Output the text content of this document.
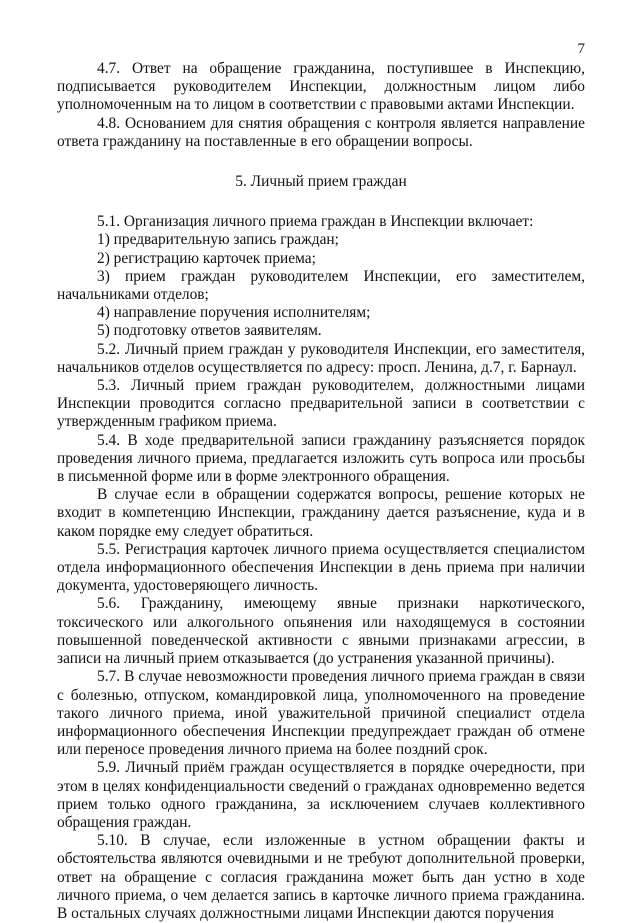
7

4.7. Ответ на обращение гражданина, поступившее в Инспекцию, подписывается руководителем Инспекции, должностным лицом либо уполномоченным на то лицом в соответствии с правовыми актами Инспекции.

4.8. Основанием для снятия обращения с контроля является направление ответа гражданину на поставленные в его обращении вопросы.

5. Личный прием граждан

5.1. Организация личного приема граждан в Инспекции включает:

1) предварительную запись граждан;

2) регистрацию карточек приема;

3) прием граждан руководителем Инспекции, его заместителем, начальниками отделов;

4) направление поручения исполнителям;

5) подготовку ответов заявителям.

5.2. Личный прием граждан у руководителя Инспекции, его заместителя, начальников отделов осуществляется по адресу: просп. Ленина, д.7, г. Барнаул.

5.3. Личный прием граждан руководителем, должностными лицами Инспекции проводится согласно предварительной записи в соответствии с утвержденным графиком приема.

5.4. В ходе предварительной записи гражданину разъясняется порядок проведения личного приема, предлагается изложить суть вопроса или просьбы в письменной форме или в форме электронного обращения.

В случае если в обращении содержатся вопросы, решение которых не входит в компетенцию Инспекции, гражданину дается разъяснение, куда и в каком порядке ему следует обратиться.

5.5. Регистрация карточек личного приема осуществляется специалистом отдела информационного обеспечения Инспекции в день приема при наличии документа, удостоверяющего личность.

5.6. Гражданину, имеющему явные признаки наркотического, токсического или алкогольного опьянения или находящемуся в состоянии повышенной поведенческой активности с явными признаками агрессии, в записи на личный прием отказывается (до устранения указанной причины).

5.7. В случае невозможности проведения личного приема граждан в связи с болезнью, отпуском, командировкой лица, уполномоченного на проведение такого личного приема, иной уважительной причиной специалист отдела информационного обеспечения Инспекции предупреждает граждан об отмене или переносе проведения личного приема на более поздний срок.

5.9. Личный приём граждан осуществляется в порядке очередности, при этом в целях конфиденциальности сведений о гражданах одновременно ведется прием только одного гражданина, за исключением случаев коллективного обращения граждан.

5.10. В случае, если изложенные в устном обращении факты и обстоятельства являются очевидными и не требуют дополнительной проверки, ответ на обращение с согласия гражданина может быть дан устно в ходе личного приема, о чем делается запись в карточке личного приема гражданина. В остальных случаях должностными лицами Инспекции даются поручения
